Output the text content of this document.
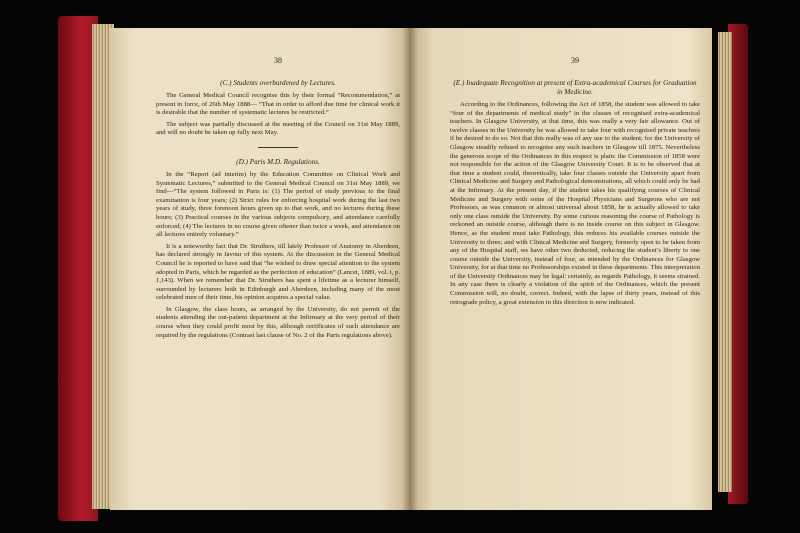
38
(C.) Students overburdened by Lectures.

The General Medical Council recognise this by their formal “Recommendation,” at present in force, of 26th May 1888— “That in order to afford due time for clinical work it is desirable that the number of systematic lectures be restricted.”

The subject was partially discussed at the meeting of the Council on 31st May 1889, and will no doubt be taken up fully next May.

(D.) Paris M.D. Regulations.

In the “Report (ad interim) by the Education Committee on Clinical Work and Systematic Lectures,” submitted to the General Medical Council on 31st May 1889, we find—“The system followed in Paris is: (1) The period of study previous to the final examination is four years; (2) Strict rules for enforcing hospital work during the last two years of study, three forenoon hours given up to that work, and no lectures during these hours; (3) Practical courses in the various subjects compulsory, and attendance carefully enforced; (4) The lectures in no course given oftener than twice a week, and attendance on all lectures entirely voluntary.”

It is a noteworthy fact that Dr. Struthers, till lately Professor of Anatomy in Aberdeen, has declared strongly in favour of this system. At the discussion in the General Medical Council he is reported to have said that “he wished to draw special attention to the system adopted in Paris, which he regarded as the perfection of education” (Lancet, 1889, vol. i, p. 1,143). When we remember that Dr. Struthers has spent a lifetime as a lecturer himself, surrounded by lecturers both in Edinburgh and Aberdeen, including many of the most celebrated men of their time, his opinion acquires a special value.

In Glasgow, the class hours, as arranged by the University, do not permit of the students attending the out-patient department at the Infirmary at the very period of their course when they could profit most by this, although certificates of such attendance are required by the regulations (Contrast last clause of No. 2 of the Paris regulations above).

39
(E.) Inadequate Recognition at present of Extra-academical Courses for Graduation in Medicine.

According to the Ordinances, following the Act of 1858, the student was allowed to take “four of the departments of medical study” in the classes of recognised extra-academical teachers. In Glasgow University, at that time, this was really a very fair allowance. Out of twelve classes in the University he was allowed to take four with recognised private teachers if he desired to do so. Not that this really was of any use to the student; for the University of Glasgow steadily refused to recognise any such teachers in Glasgow till 1875. Nevertheless the generous scope of the Ordinances in this respect is plain: the Commission of 1858 were not responsible for the action of the Glasgow University Court. It is to be observed that at that time a student could, theoretically, take four classes outside the University apart from Clinical Medicine and Surgery and Pathological demonstrations, all which could only be had at the Infirmary. At the present day, if the student takes his qualifying courses of Clinical Medicine and Surgery with some of the Hospital Physicians and Surgeons who are not Professors, as was common or almost universal about 1858, he is actually allowed to take only one class outside the University. By some curious reasoning the course of Pathology is reckoned an outside course, although there is no inside course on this subject in Glasgow. Hence, as the student must take Pathology, this reduces his available courses outside the University to three; and with Clinical Medicine and Surgery, formerly open to be taken from any of the Hospital staff, we have other two deducted, reducing the student’s liberty to one course outside the University, instead of four, as intended by the Ordinances for Glasgow University, for at that time no Professorships existed in these departments. This interpretation of the University Ordinances may be legal: certainly, as regards Pathology, it seems strained. In any case there is clearly a violation of the spirit of the Ordinances, which the present Commission will, no doubt, correct. Indeed, with the lapse of thirty years, instead of this retrograde policy, a great extension in this direction is now indicated.
